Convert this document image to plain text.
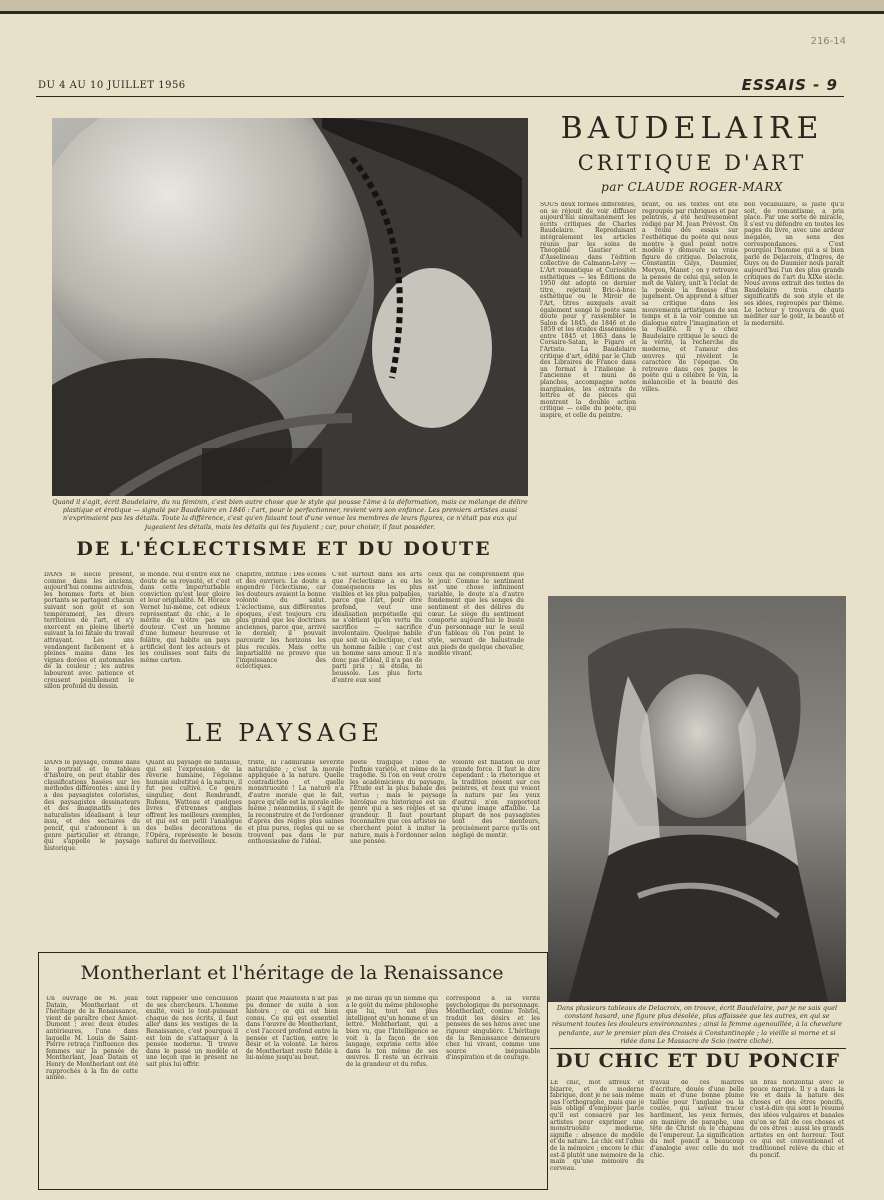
216-14
DU 4 AU 10 JUILLET 1956	ESSAIS - 9
Quand il s'agit, écrit Baudelaire, du nu féminin, c'est bien autre chose que le style qui pousse l'âme à la déformation, mais ce mélange de délire plastique et érotique — signalé par Baudelaire en 1846 : l'art, pour le perfectionner, revient vers son enfance. Les premiers artistes aussi n'exprimaient pas les détails. Toute la différence, c'est qu'en faisant tout d'une venue les membres de leurs figures, ce n'était pas eux qui jugeaient les détails, mais les détails qui les fuyaient ; car, pour choisir, il faut posséder.
BAUDELAIRE
CRITIQUE D'ART
par CLAUDE ROGER-MARX

SOUS deux formes différentes, on se réjouit de voir diffuser aujourd'hui simultanément les écrits critiques de Charles Baudelaire. Reproduisant intégralement les articles réunis par les soins de Théophile Gautier et d'Asselineau dans l'édition collective de Calmann-Lévy — L'Art romantique et Curiosités esthétiques — les Éditions de 1950 ont adopté ce dernier titre, rejetant Bric-à-brac esthétique ou le Miroir de l'Art, titres auxquels avait également songé le poète sans doute pour y rassembler le Salon de 1845, de 1846 et de 1859 et les études disséminées entre 1845 et 1863 dans le Corsaire-Satan, le Figaro et l'Artiste. La Baudelaire critique d'art, édité par le Club des Libraires de France dans un format à l'italienne à l'ancienne et muni de planches, accompagne notes marginales, les extraits de lettres et de pièces qui montrent la double action critique — celle du poète, qui inspire, et celle du peintre.

brant, où les textes ont été regroupés par rubriques et par peintres, a été heureusement rédigé par M. Jean Prévost. On a réuni des essais sur l'esthétique du poète qui nous montre à quel point notre modèle y demeure sa vraie figure de critique. Delacroix, Constantin Guys, Daumier, Meryon, Manet ; on y retrouve la pensée de celui qui, selon le mot de Valéry, unit à l'éclat de la poésie la finesse d'un jugement. On apprend à situer sa critique dans les mouvements artistiques de son temps et à la voir comme un dialogue entre l'imagination et la réalité. Il y a chez Baudelaire critique le souci de la vérité, la recherche du moderne, et l'amour des œuvres qui révèlent le caractère de l'époque. On retrouve dans ces pages le poète qui a célébré le vin, la mélancolie et la beauté des villes.

bon vocabulaire, si juste qu'il soit, de romantisme, a pris place. Par une sorte de miracle, il s'est vu défendre en toutes les pages du livre, avec une ardeur inégalée, un sens des correspondances. C'est pourquoi l'homme qui a si bien parlé de Delacroix, d'Ingres, de Guys ou de Daumier nous paraît aujourd'hui l'un des plus grands critiques de l'art du XIXe siècle. Nous avons extrait des textes de Baudelaire trois chants significatifs de son style et de ses idées, regroupés par thème. Le lecteur y trouvera de quoi méditer sur le goût, la beauté et la modernité.

DE L'ÉCLECTISME ET DU DOUTE

DANS le siècle présent, comme dans les anciens, aujourd'hui comme autrefois, les hommes forts et bien portants se partagent chacun suivant son goût et son tempérament, les divers territoires de l'art, et s'y exercent en pleine liberté suivant la loi fatale du travail attrayant. Les uns vendangent facilement et à pleines mains dans les vignes dorées et automnales de la couleur ; les autres labourent avec patience et creusent péniblement le sillon profond du dessin.

le monde. Nul d'entre eux ne doute de sa royauté, et c'est dans cette imperturbable conviction qu'est leur gloire et leur originalité. M. Horace Vernet lui-même, cet odieux représentant du chic, a le mérite de n'être pas un douteur. C'est un homme d'une humeur heureuse et folâtre, qui habite un pays artificiel dont les acteurs et les coulisses sont faits du même carton.

chapitre, intitulé : Des écoles et des ouvriers. Le doute a engendré l'éclectisme, car les douteurs avaient la bonne volonté du salut. L'éclectisme, aux différentes époques, s'est toujours cru plus grand que les doctrines anciennes, parce que, arrivé le dernier, il pouvait parcourir les horizons les plus reculés. Mais cette impartialité ne prouve que l'impuissance des éclectiques.

C'est surtout dans les arts que l'éclectisme a eu les conséquences les plus visibles et les plus palpables, parce que l'art, pour être profond, veut une idéalisation perpétuelle qui ne s'obtient qu'en vertu du sacrifice — sacrifice involontaire. Quelque habile que soit un éclectique, c'est un homme faible ; car c'est un homme sans amour. Il n'a donc pas d'idéal, il n'a pas de parti pris ; ni étoile, ni boussole. Les plus forts d'entre eux sont

ceux qui ne comprennent que le jour. Comme le sentiment est une chose infiniment variable, le doute n'a d'autre fondement que les songes du sentiment et des délires du cœur. Le siège du sentiment comporte aujourd'hui le buste d'un personnage sur le seuil d'un tableau où l'on peint le style, servant de balustrade aux pieds de quelque chevalier, modèle vivant.

LE PAYSAGE

DANS le paysage, comme dans le portrait et le tableau d'histoire, on peut établir des classifications basées sur les méthodes différentes : ainsi il y a des paysagistes coloristes, des paysagistes dessinateurs et des imaginatifs ; des naturalistes idéalisant à leur insu, et des sectaires du poncif, qui s'adonnent à un genre particulier et étrange, qui s'appelle le paysage historique.

Quant au paysage de fantaisie, qui est l'expression de la rêverie humaine, l'égoïsme humain substitué à la nature, il fut peu cultivé. Ce genre singulier, dont Rembrandt, Rubens, Watteau et quelques livres d'étrennes anglais offrent les meilleurs exemples, et qui est en petit l'analogue des belles décorations de l'Opéra, représente le besoin naturel du merveilleux.

triste, ni l'admirable sévérité naturaliste ; c'est la morale appliquée à la nature. Quelle contradiction et quelle monstruosité ! La nature n'a d'autre morale que le fait, parce qu'elle est la morale elle-même ; néanmoins, il s'agit de la reconstruire et de l'ordonner d'après des règles plus saines et plus pures, règles qui ne se trouvent pas dans le pur enthousiasme de l'idéal.

poète tragique l'idée de l'infinie variété, et même de la tragédie. Si l'on en veut croire les académiciens du paysage, l'Étude est la plus banale des vertus ; mais le paysage héroïque ou historique est un genre qui a ses règles et sa grandeur. Il faut pourtant reconnaître que ces artistes ne cherchent point à imiter la nature, mais à l'ordonner selon une pensée.

volonté est filiation ou leur grande force. Il faut le dire cependant : la rhétorique et la tradition pèsent sur ces peintres, et ceux qui voient la nature par les yeux d'autrui n'en rapportent qu'une image affaiblie. La plupart de nos paysagistes sont des menteurs, précisément parce qu'ils ont négligé de mentir.

Montherlant et l'héritage de la Renaissance

Un ouvrage de M. Jean Datain, Montherlant et l'héritage de la Renaissance, vient de paraître chez Amiot-Dumont ; avec deux études antérieures, l'une dans laquelle M. Louis de Saint-Pierre retraça l'influence des femmes sur la pensée de Montherlant, Jean Datain et Henry de Montherlant ont été rapprochés à la fin de cette année.

tout rappeler une conclusion de ses chercheurs. L'homme exalté, voici le tout-puissant chaque de nos écrits, il faut aller dans les vestiges de la Renaissance, c'est pourquoi il est loin de s'attaquer à la pensée moderne. Il trouve dans le passé un modèle et une leçon que le présent ne sait plus lui offrir.

plaint que Malatesta n'ait pas pu donner de suite à son histoire ; ce qui est bien connu. Ce qui est essentiel dans l'œuvre de Montherlant, c'est l'accord profond entre la pensée et l'action, entre le désir et la volonté. Le héros de Montherlant reste fidèle à lui-même jusqu'au bout.

je me dirais qu'un homme qui a le goût du même philosophe que lui, tout est plus intelligent qu'un homme et un lettré. Montherlant, qui a bien vu, que l'Intelligence se voit à la façon de son langage, exprime cette idée dans le ton même de ses œuvres. Il reste un écrivain de la grandeur et du refus.

correspond à la vérité psychologique du personnage. Montherlant, comme Tolstoï, traduit les désirs et les pensées de ses héros avec une rigueur singulière. L'héritage de la Renaissance demeure chez lui vivant, comme une source inépuisable d'inspiration et de courage.

Dans plusieurs tableaux de Delacroix, on trouve, écrit Baudelaire, par je ne sais quel constant hasard, une figure plus désolée, plus affaissée que les autres, en qui se résument toutes les douleurs environnantes ; ainsi la femme agenouillée, à la chevelure pendante, sur le premier plan des Croisés à Constantinople ; la vieille si morne et si ridée dans Le Massacre de Scio (notre cliché).
DU CHIC ET DU PONCIF

LE chic, mot affreux et bizarre, et de moderne fabrique, dont je ne sais même pas l'orthographe, mais que je suis obligé d'employer parce qu'il est consacré par les artistes pour exprimer une monstruosité moderne, signifie : absence de modèle et de nature. Le chic est l'abus de la mémoire ; encore le chic est-il plutôt une mémoire de la main qu'une mémoire du cerveau.

travail de ces maîtres d'écriture, doués d'une belle main et d'une bonne plume taillée pour l'anglaise ou la coulée, qui savent tracer hardiment, les yeux fermés, en manière de paraphe, une tête de Christ ou le chapeau de l'empereur. La signification du mot poncif a beaucoup d'analogie avec celle du mot chic.

un bras horizontal avec le pouce marqué. Il y a dans la vie et dans la nature des choses et des êtres poncifs, c'est-à-dire qui sont le résumé des idées vulgaires et banales qu'on se fait de ces choses et de ces êtres : aussi les grands artistes en ont horreur. Tout ce qui est conventionnel et traditionnel relève du chic et du poncif.
